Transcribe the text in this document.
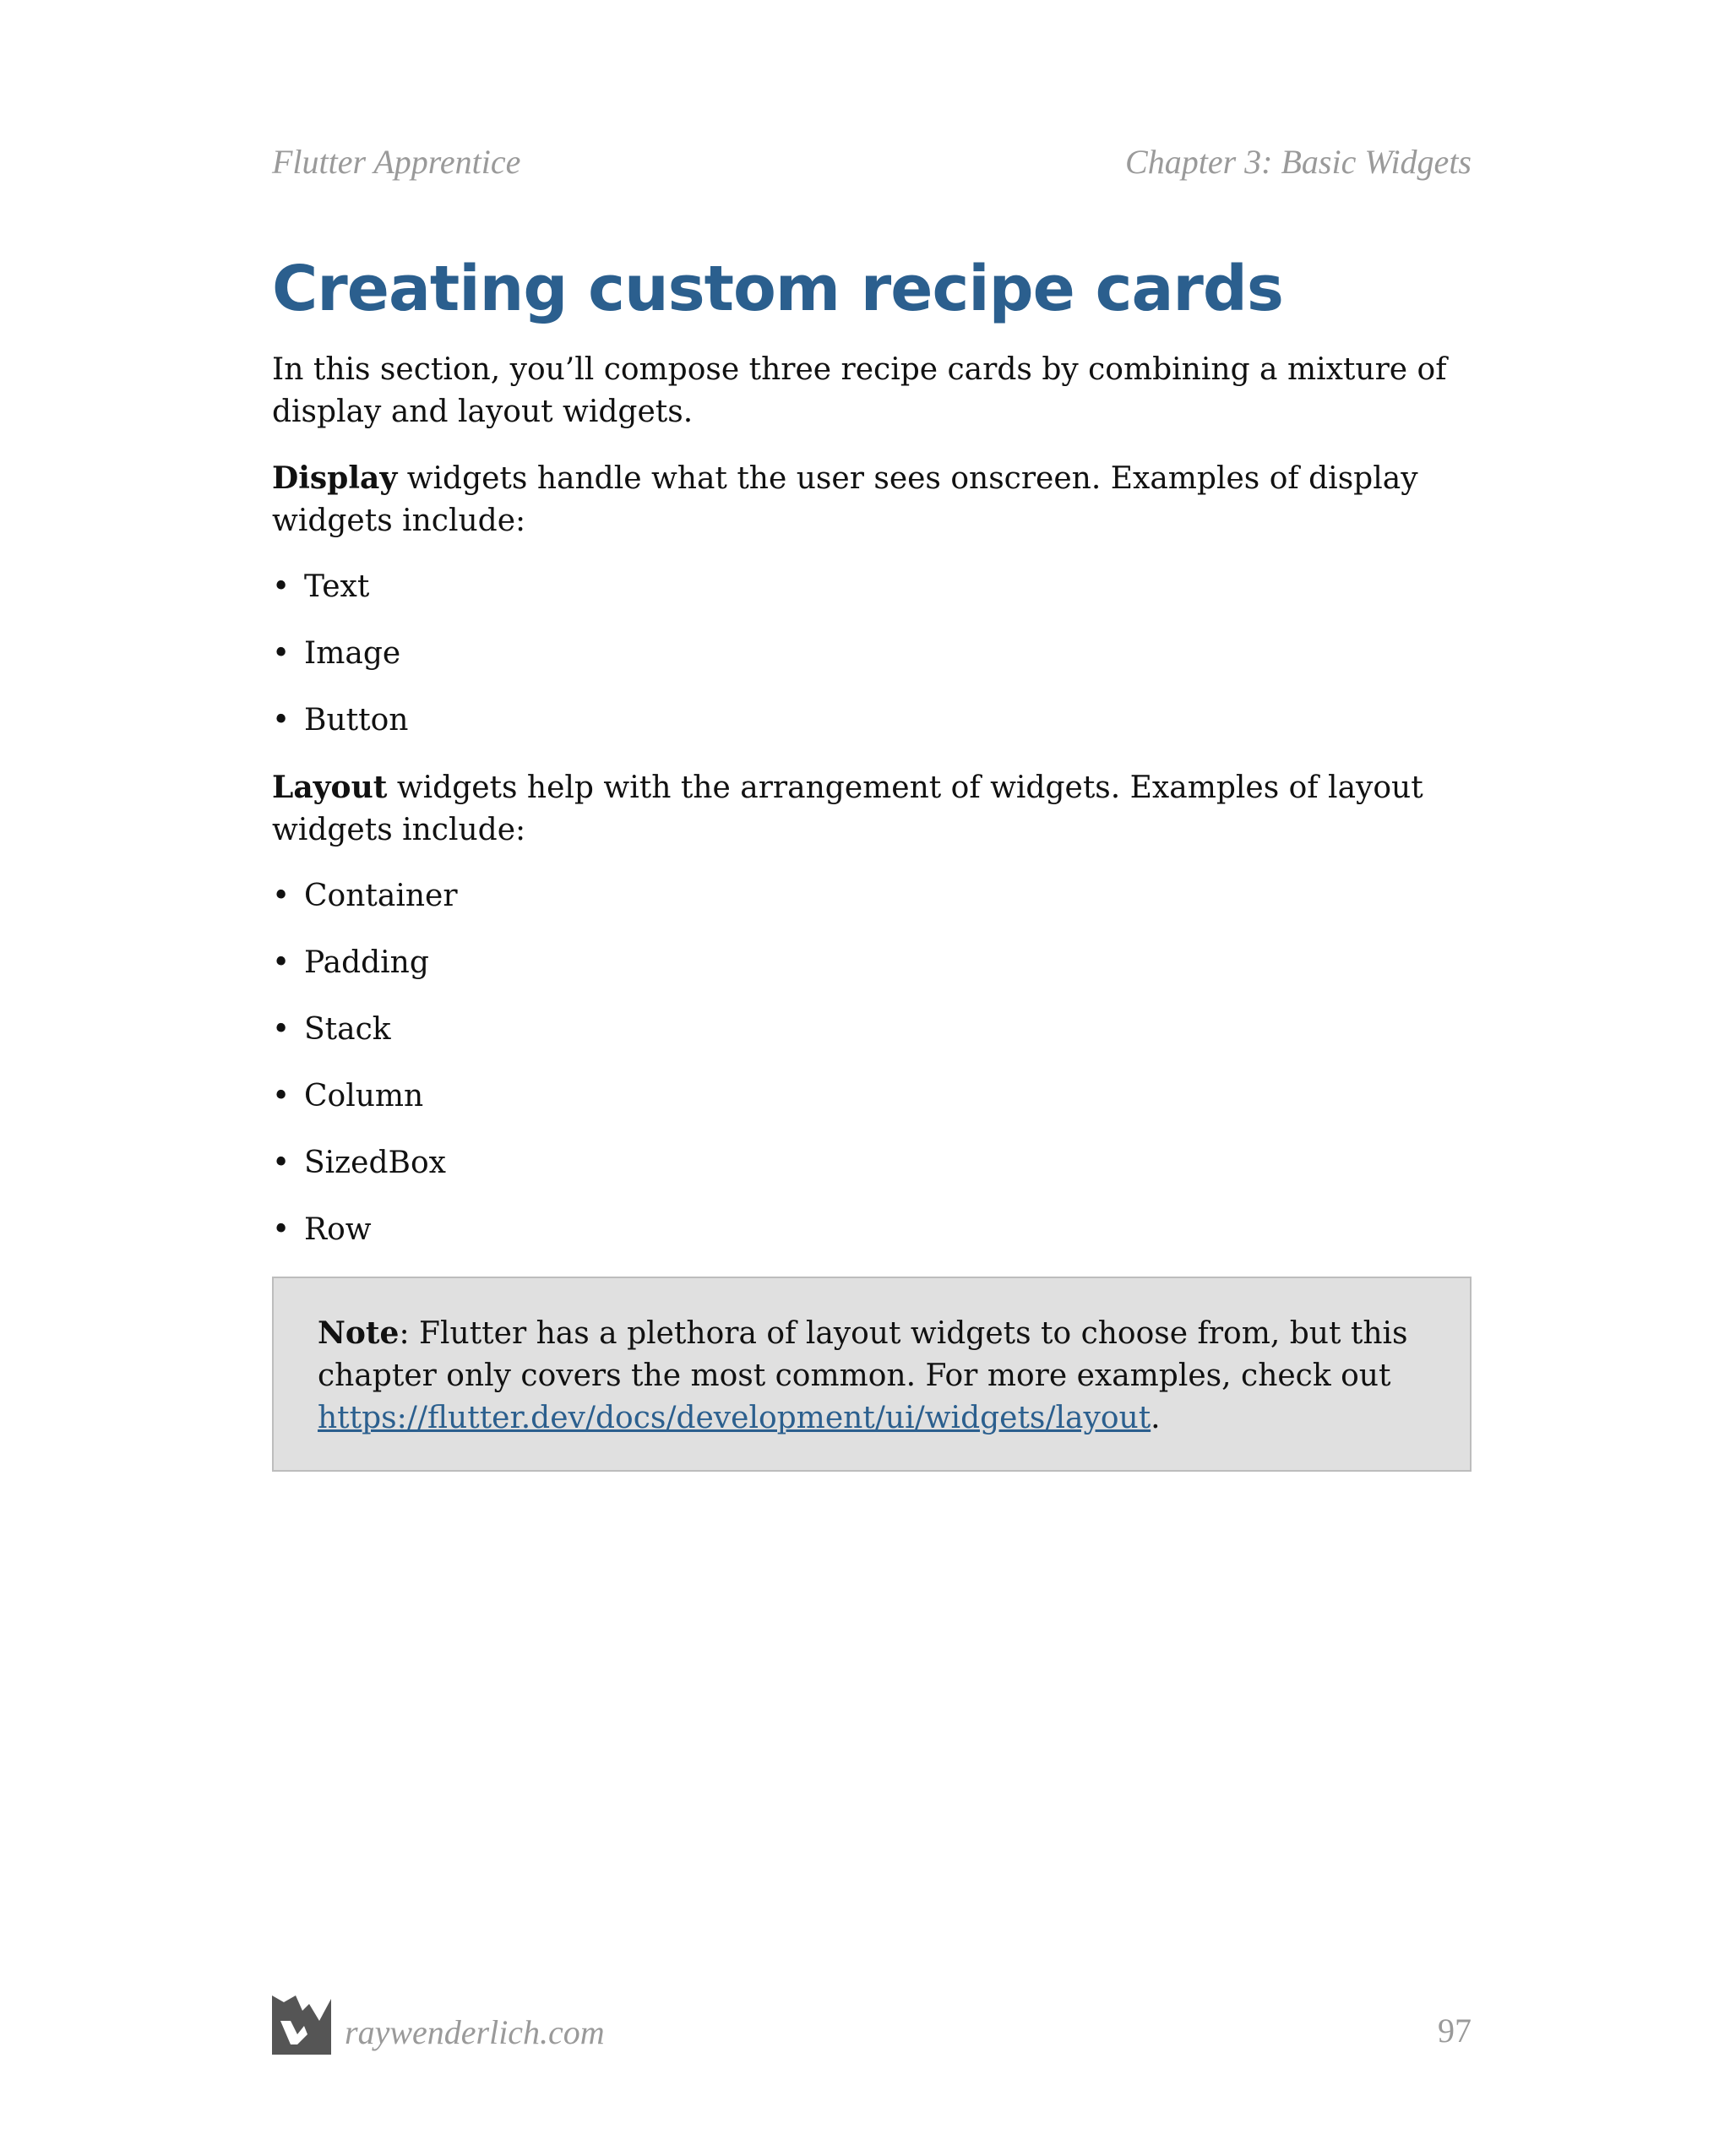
Flutter Apprentice	Chapter 3: Basic Widgets
Creating custom recipe cards

In this section, you’ll compose three recipe cards by combining a mixture of display and layout widgets.

Display widgets handle what the user sees onscreen. Examples of display widgets include:

• Text
• Image
• Button

Layout widgets help with the arrangement of widgets. Examples of layout widgets include:

• Container
• Padding
• Stack
• Column
• SizedBox
• Row

Note: Flutter has a plethora of layout widgets to choose from, but this chapter only covers the most common. For more examples, check out https://flutter.dev/docs/development/ui/widgets/layout.

raywenderlich.com	97
